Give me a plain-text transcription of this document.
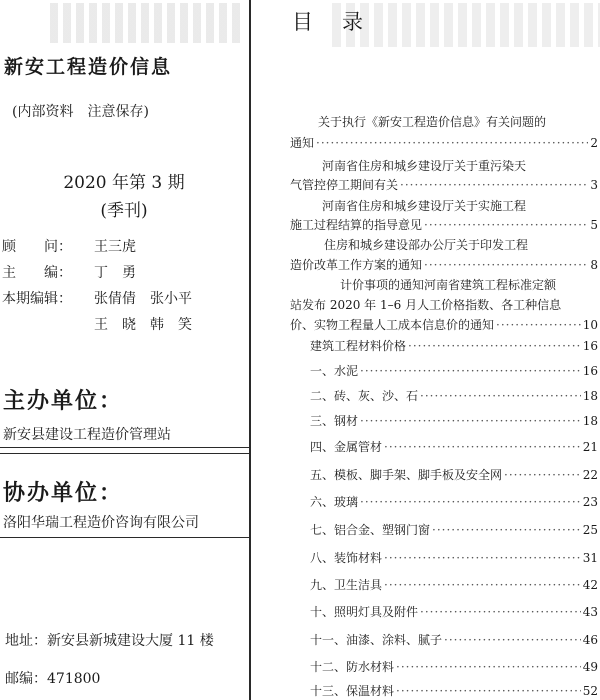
新安工程造价信息
(内部资料　注意保存)
2020 年第 3 期
(季刊)
顾　　问： 王三虎
主　　编： 丁　勇
本期编辑： 张倩倩　张小平
王　晓　韩　笑
主办单位：
新安县建设工程造价管理站
协办单位：
洛阳华瑞工程造价咨询有限公司
地址：新安县新城建设大厦 11 楼
邮编：471800
目　录
关于执行《新安工程造价信息》有关问题的
通知 ·····	2
河南省住房和城乡建设厅关于重污染天
气管控停工期间有关 ·····	3
河南省住房和城乡建设厅关于实施工程
施工过程结算的指导意见 ·····	5
住房和城乡建设部办公厅关于印发工程
造价改革工作方案的通知 ·····	8
计价事项的通知河南省建筑工程标准定额
站发布 2020 年 1–6 月人工价格指数、各工种信息
价、实物工程量人工成本信息价的通知 ·····	10
建筑工程材料价格 ·····	16
一、水泥 ·····	16
二、砖、灰、沙、石 ·····	18
三、钢材 ·····	18
四、金属管材 ·····	21
五、模板、脚手架、脚手板及安全网 ·····	22
六、玻璃 ·····	23
七、铝合金、塑钢门窗 ·····	25
八、装饰材料 ·····	31
九、卫生洁具 ·····	42
十、照明灯具及附件 ·····	43
十一、油漆、涂料、腻子 ·····	46
十二、防水材料 ·····	49
十三、保温材料 ·····	52
